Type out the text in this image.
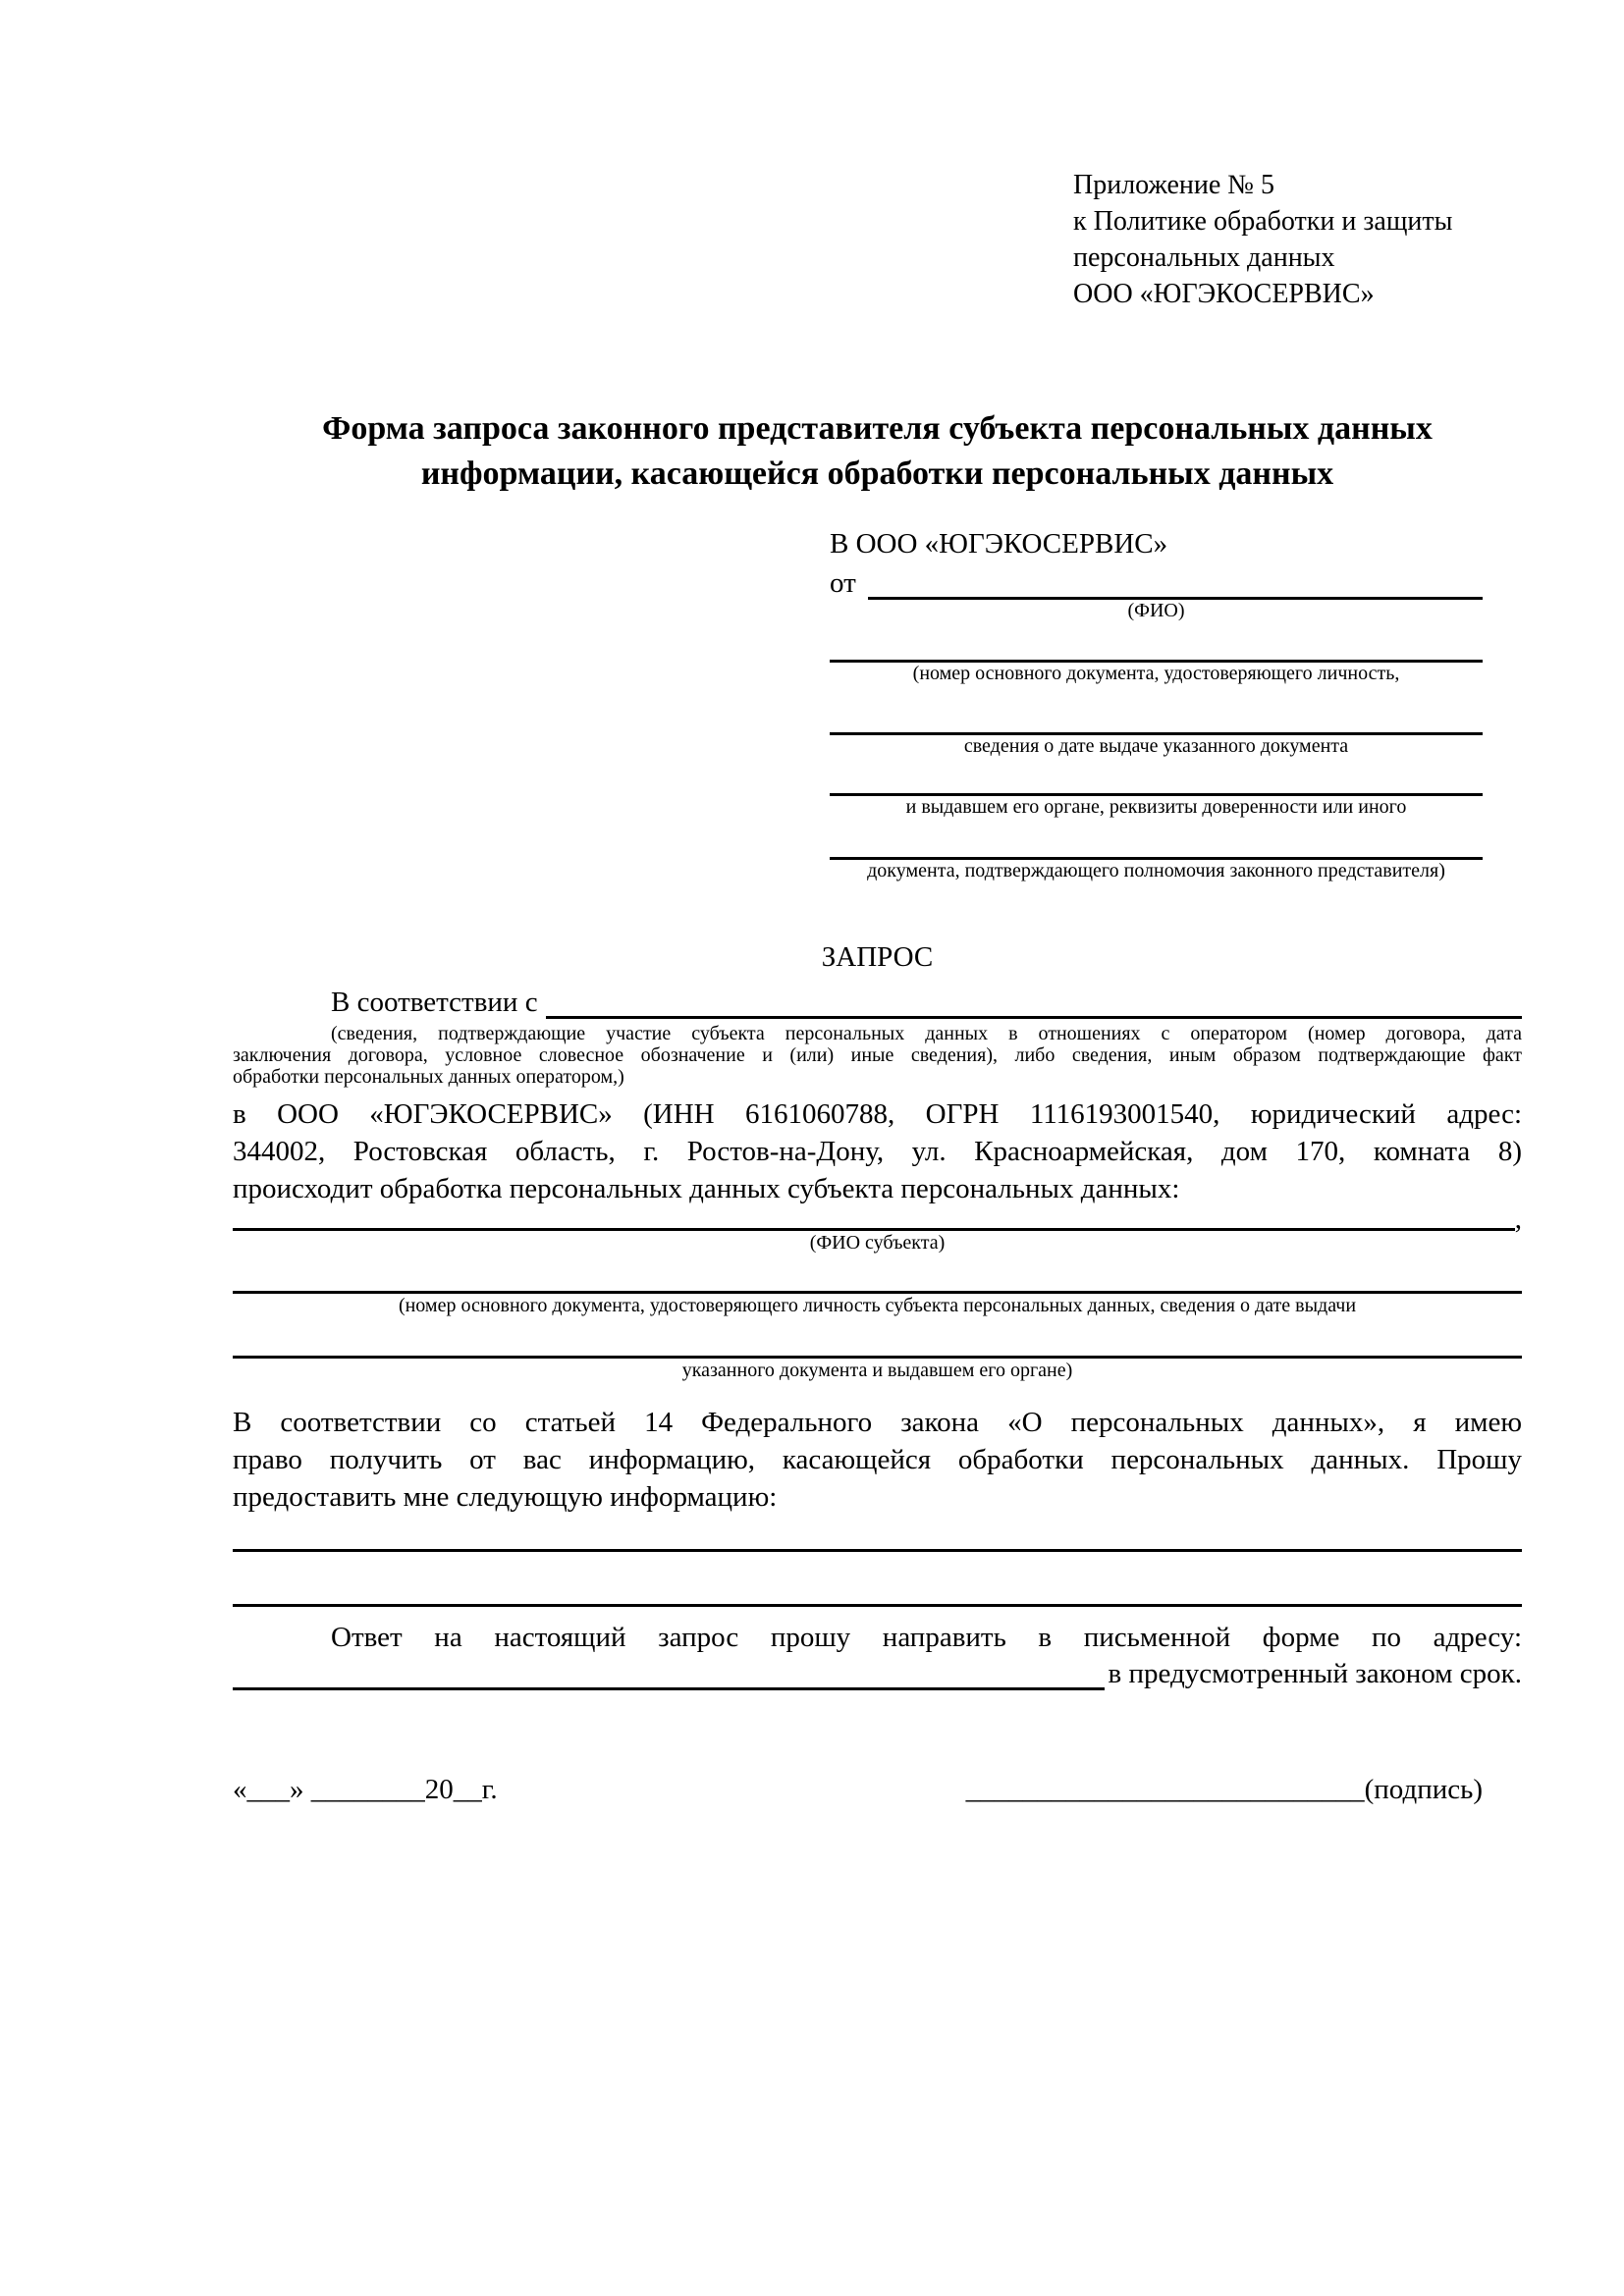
Приложение № 5
к Политике обработки и защиты
персональных данных
ООО «ЮГЭКОСЕРВИС»
Форма запроса законного представителя субъекта персональных данных
информации, касающейся обработки персональных данных
В ООО «ЮГЭКОСЕРВИС»
от
(ФИО)
(номер основного документа, удостоверяющего личность,
сведения о дате выдаче указанного документа
и выдавшем его органе, реквизиты доверенности или иного
документа, подтверждающего полномочия законного представителя)
ЗАПРОС
В соответствии с
(сведения, подтверждающие участие субъекта персональных данных в отношениях с оператором (номер договора, дата
заключения договора, условное словесное обозначение и (или) иные сведения), либо сведения, иным образом подтверждающие факт
обработки персональных данных оператором,)
в ООО «ЮГЭКОСЕРВИС» (ИНН 6161060788, ОГРН 1116193001540, юридический адрес:
344002, Ростовская область, г. Ростов-на-Дону, ул. Красноармейская, дом 170, комната 8)
происходит обработка персональных данных субъекта персональных данных:
,
(ФИО субъекта)
(номер основного документа, удостоверяющего личность субъекта персональных данных, сведения о дате выдачи
указанного документа и выдавшем его органе)
В соответствии со статьей 14 Федерального закона «О персональных данных», я имею
право получить от вас информацию, касающейся обработки персональных данных. Прошу
предоставить мне следующую информацию:
Ответ на настоящий запрос прошу направить в письменной форме по адресу:
в предусмотренный законом срок.
«___» ________20__г.	____________________________(подпись)
